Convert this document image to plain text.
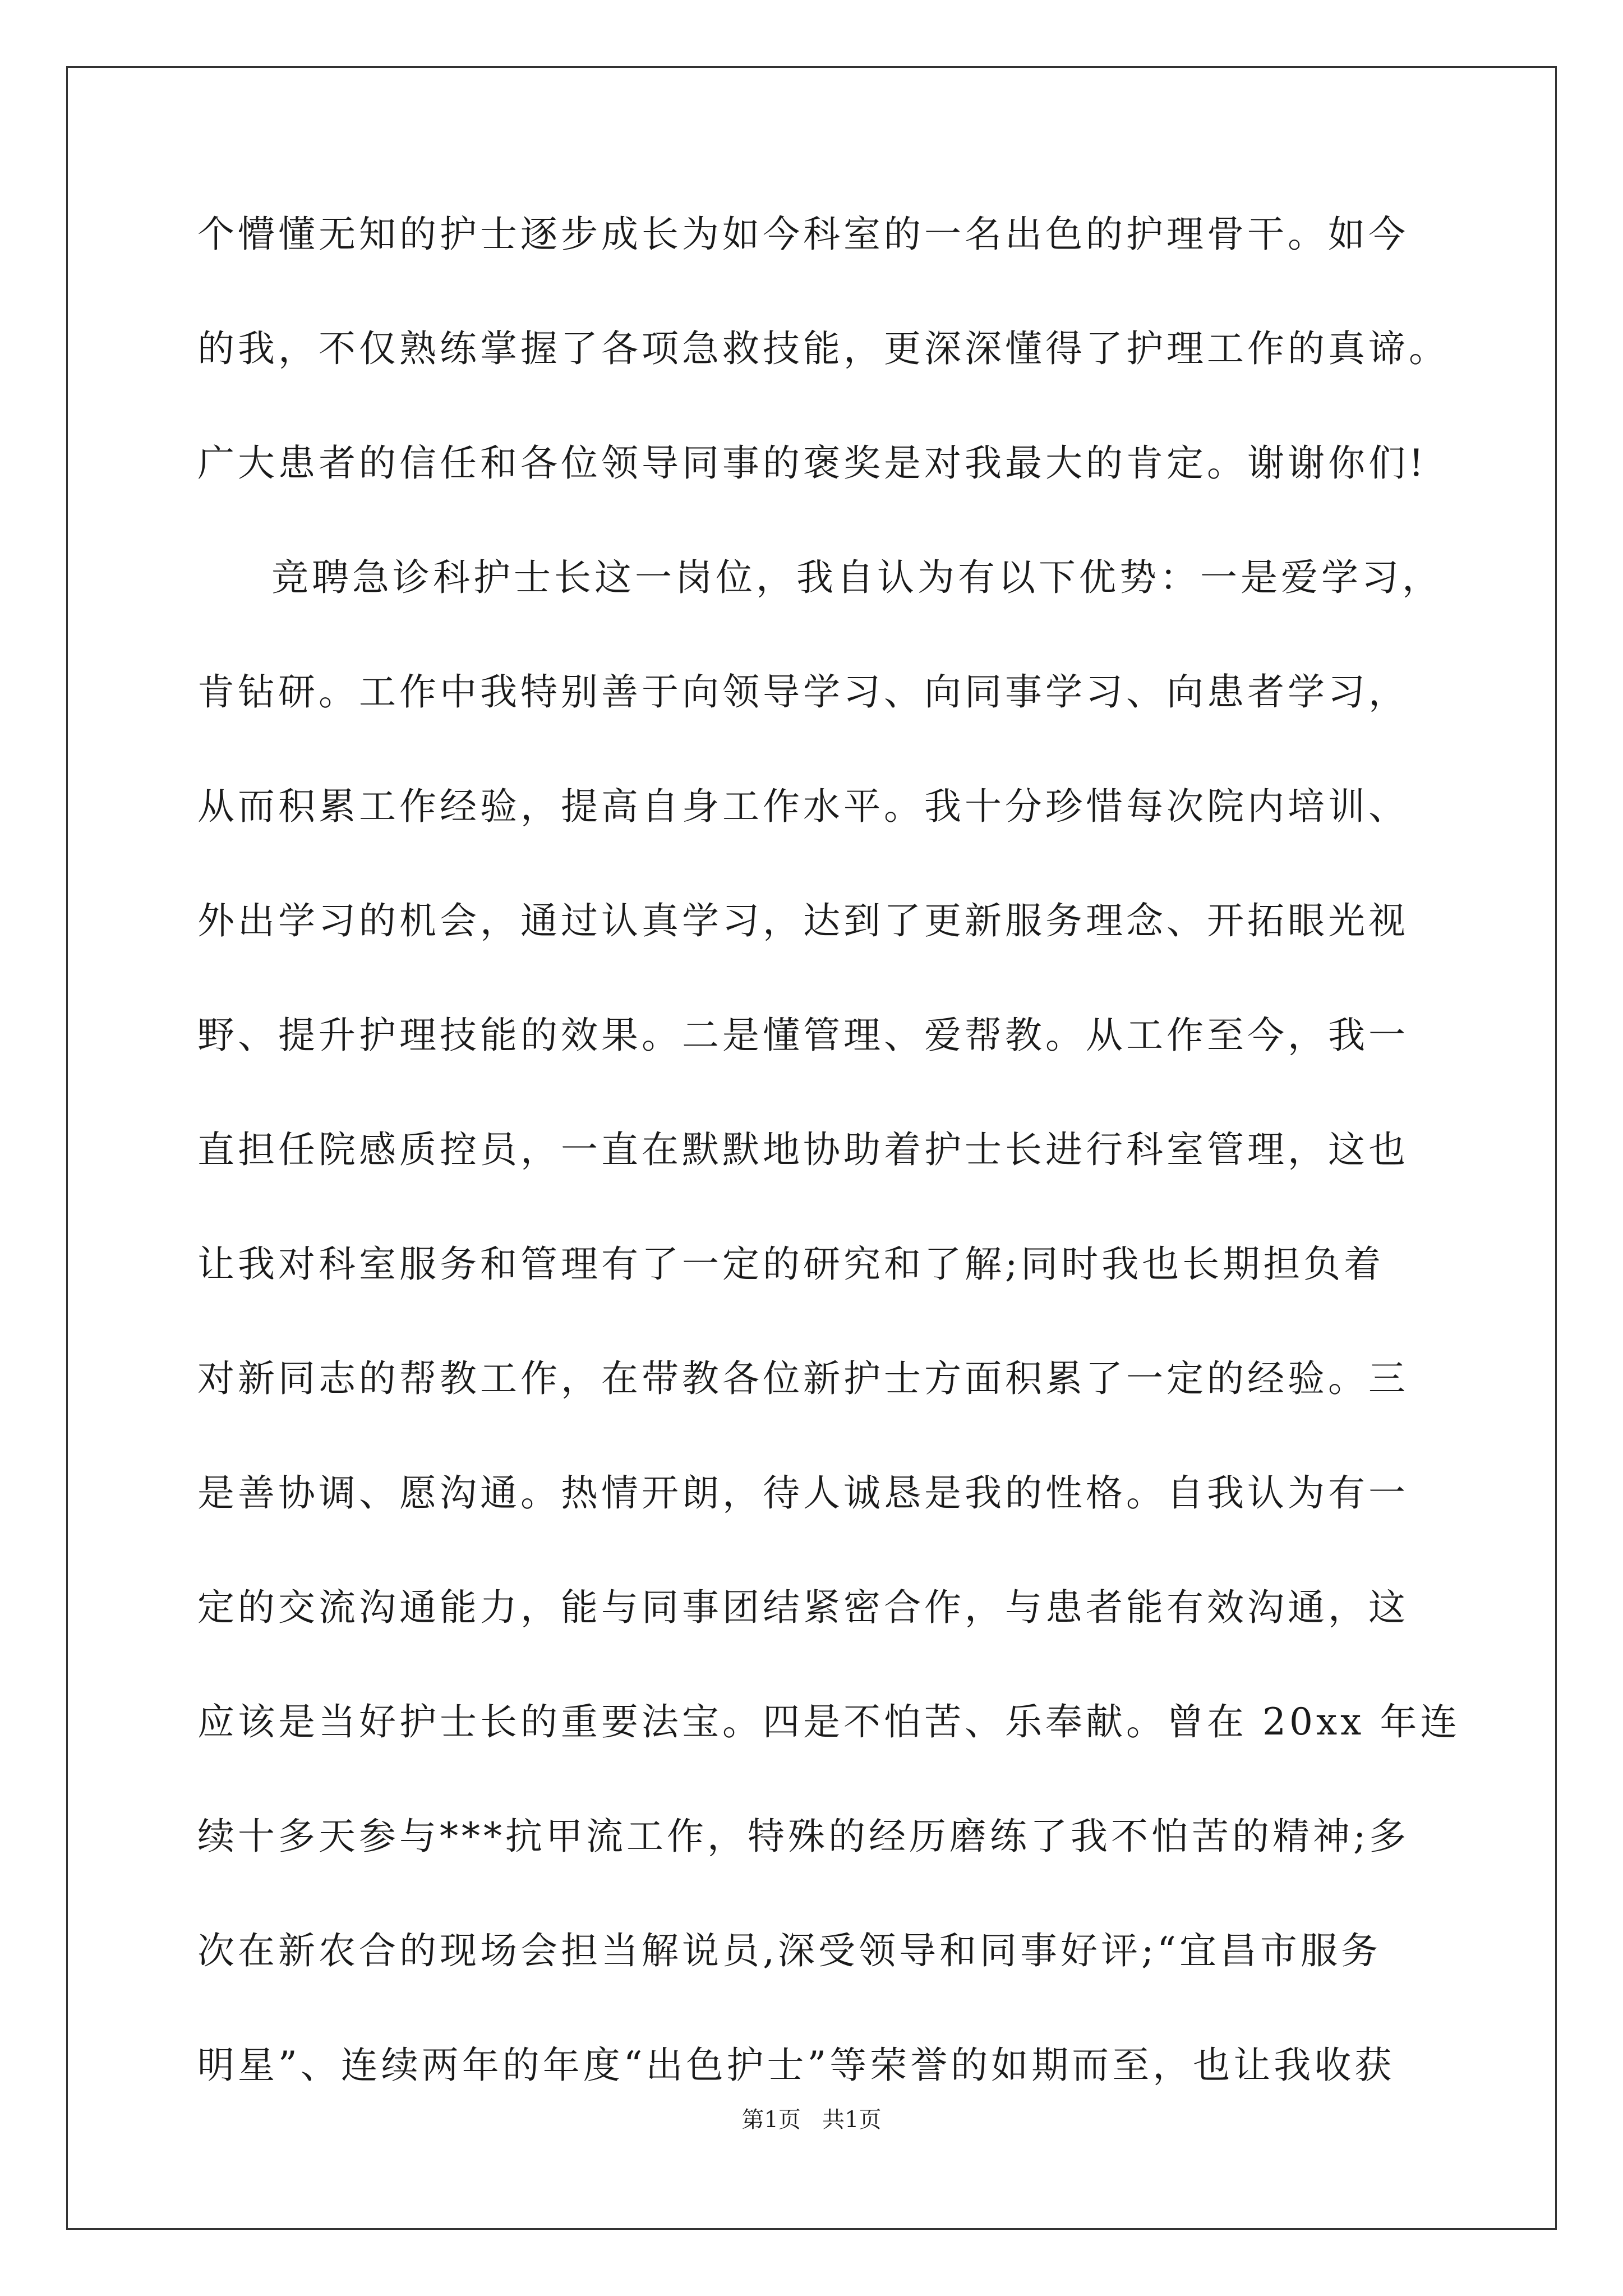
个懵懂无知的护士逐步成长为如今科室的一名出色的护理骨干。如今
的我，不仅熟练掌握了各项急救技能，更深深懂得了护理工作的真谛。
广大患者的信任和各位领导同事的褒奖是对我最大的肯定。谢谢你们!
竞聘急诊科护士长这一岗位，我自认为有以下优势：一是爱学习，
肯钻研。工作中我特别善于向领导学习、向同事学习、向患者学习，
从而积累工作经验，提高自身工作水平。我十分珍惜每次院内培训、
外出学习的机会，通过认真学习，达到了更新服务理念、开拓眼光视
野、提升护理技能的效果。二是懂管理、爱帮教。从工作至今，我一
直担任院感质控员，一直在默默地协助着护士长进行科室管理，这也
让我对科室服务和管理有了一定的研究和了解;同时我也长期担负着
对新同志的帮教工作，在带教各位新护士方面积累了一定的经验。三
是善协调、愿沟通。热情开朗，待人诚恳是我的性格。自我认为有一
定的交流沟通能力，能与同事团结紧密合作，与患者能有效沟通，这
应该是当好护士长的重要法宝。四是不怕苦、乐奉献。曾在 20xx 年连
续十多天参与***抗甲流工作，特殊的经历磨练了我不怕苦的精神;多
次在新农合的现场会担当解说员,深受领导和同事好评;“宜昌市服务
明星”、连续两年的年度“出色护士”等荣誉的如期而至，也让我收获
第1页   共1页
